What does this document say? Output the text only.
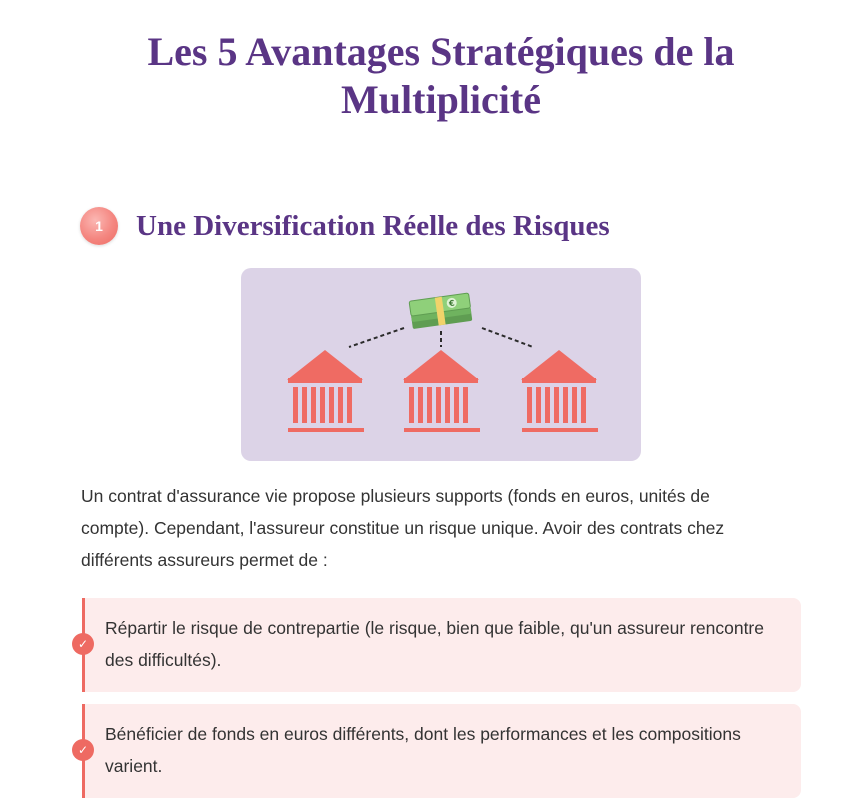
Les 5 Avantages Stratégiques de la Multiplicité
1	Une Diversification Réelle des Risques
€

Un contrat d'assurance vie propose plusieurs supports (fonds en euros, unités de compte). Cependant, l'assureur constitue un risque unique. Avoir des contrats chez différents assureurs permet de :

✓

Répartir le risque de contrepartie (le risque, bien que faible, qu'un assureur rencontre des difficultés).

✓

Bénéficier de fonds en euros différents, dont les performances et les compositions varient.
